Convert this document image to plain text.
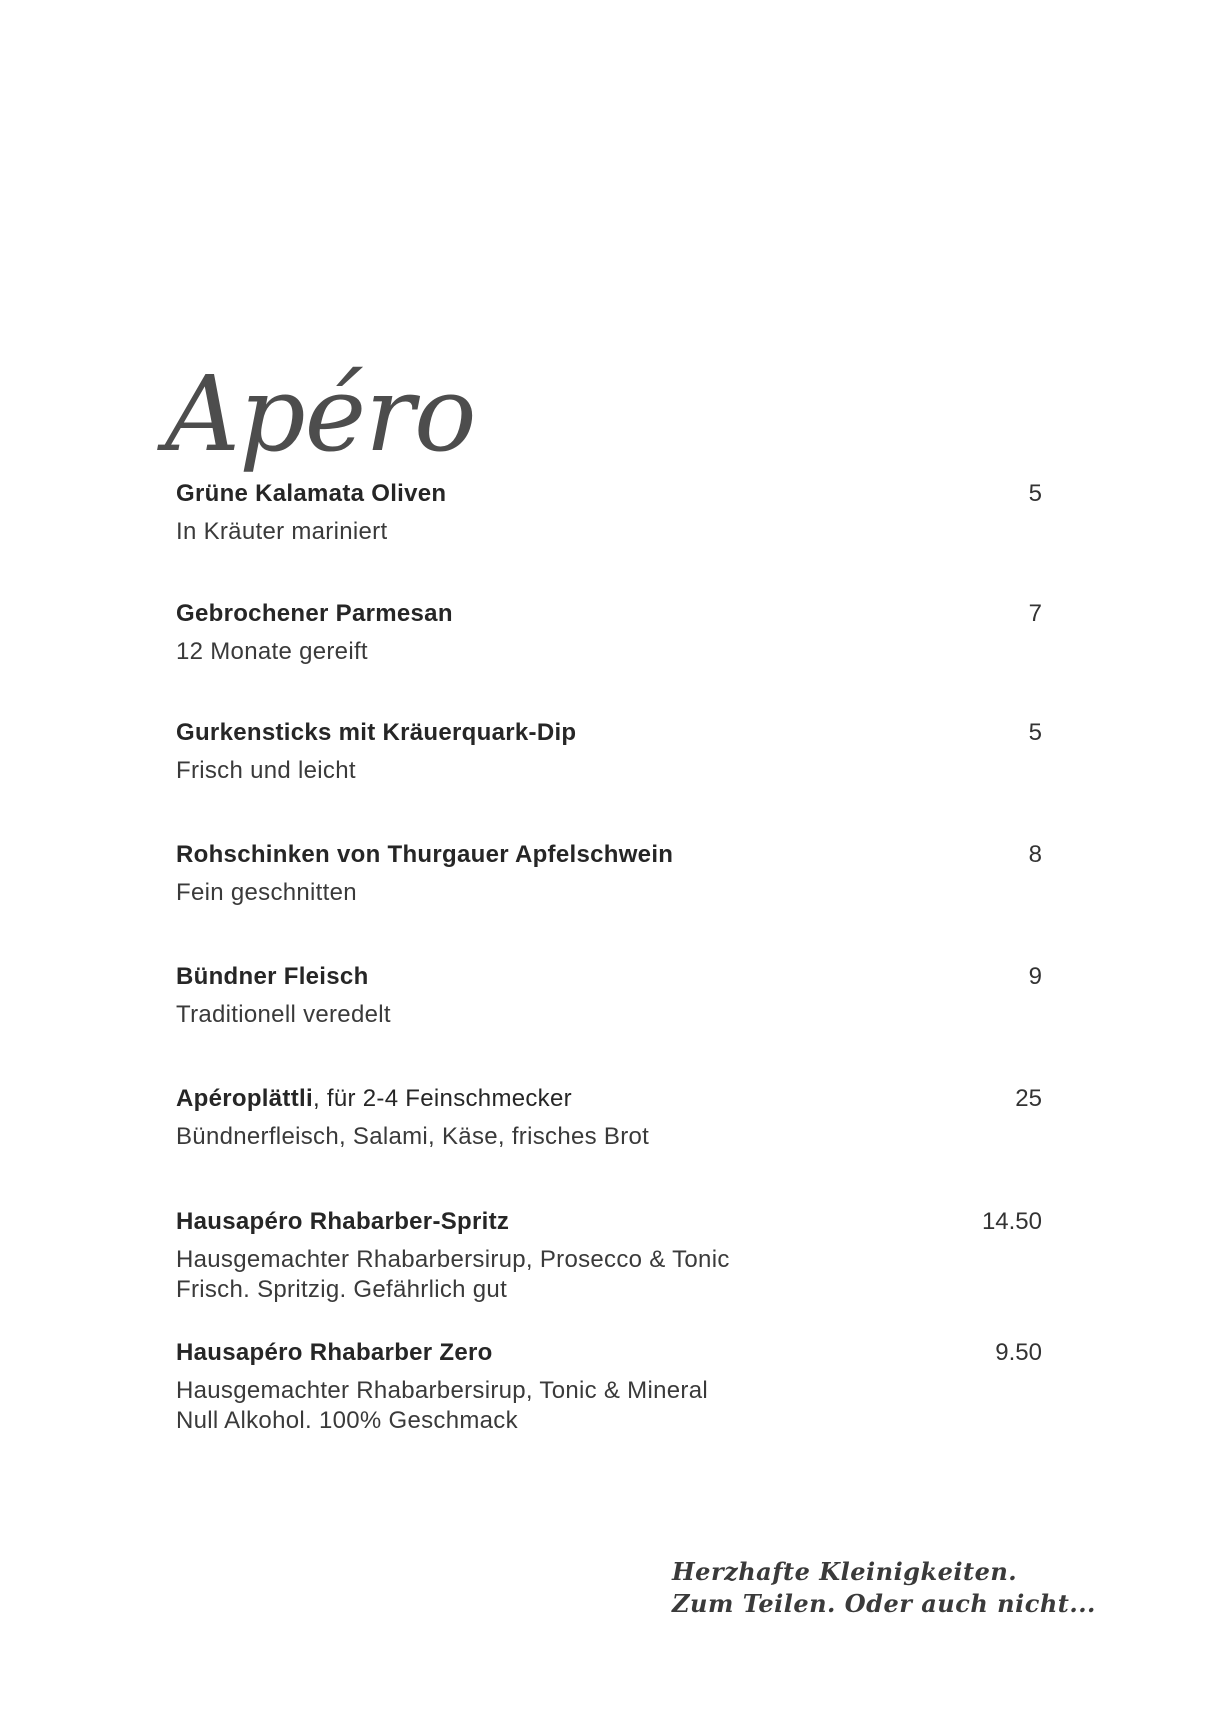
Apéro
Grüne Kalamata Oliven	5
In Kräuter mariniert
Gebrochener Parmesan	7
12 Monate gereift
Gurkensticks mit Kräuerquark-Dip	5
Frisch und leicht
Rohschinken von Thurgauer Apfelschwein	8
Fein geschnitten
Bündner Fleisch	9
Traditionell veredelt
Apéroplättli, für 2-4 Feinschmecker	25
Bündnerfleisch, Salami, Käse, frisches Brot
Hausapéro Rhabarber-Spritz	14.50
Hausgemachter Rhabarbersirup, Prosecco & Tonic
Frisch. Spritzig. Gefährlich gut
Hausapéro Rhabarber Zero	9.50
Hausgemachter Rhabarbersirup, Tonic & Mineral
Null Alkohol. 100% Geschmack
Herzhafte Kleinigkeiten.
Zum Teilen. Oder auch nicht...
